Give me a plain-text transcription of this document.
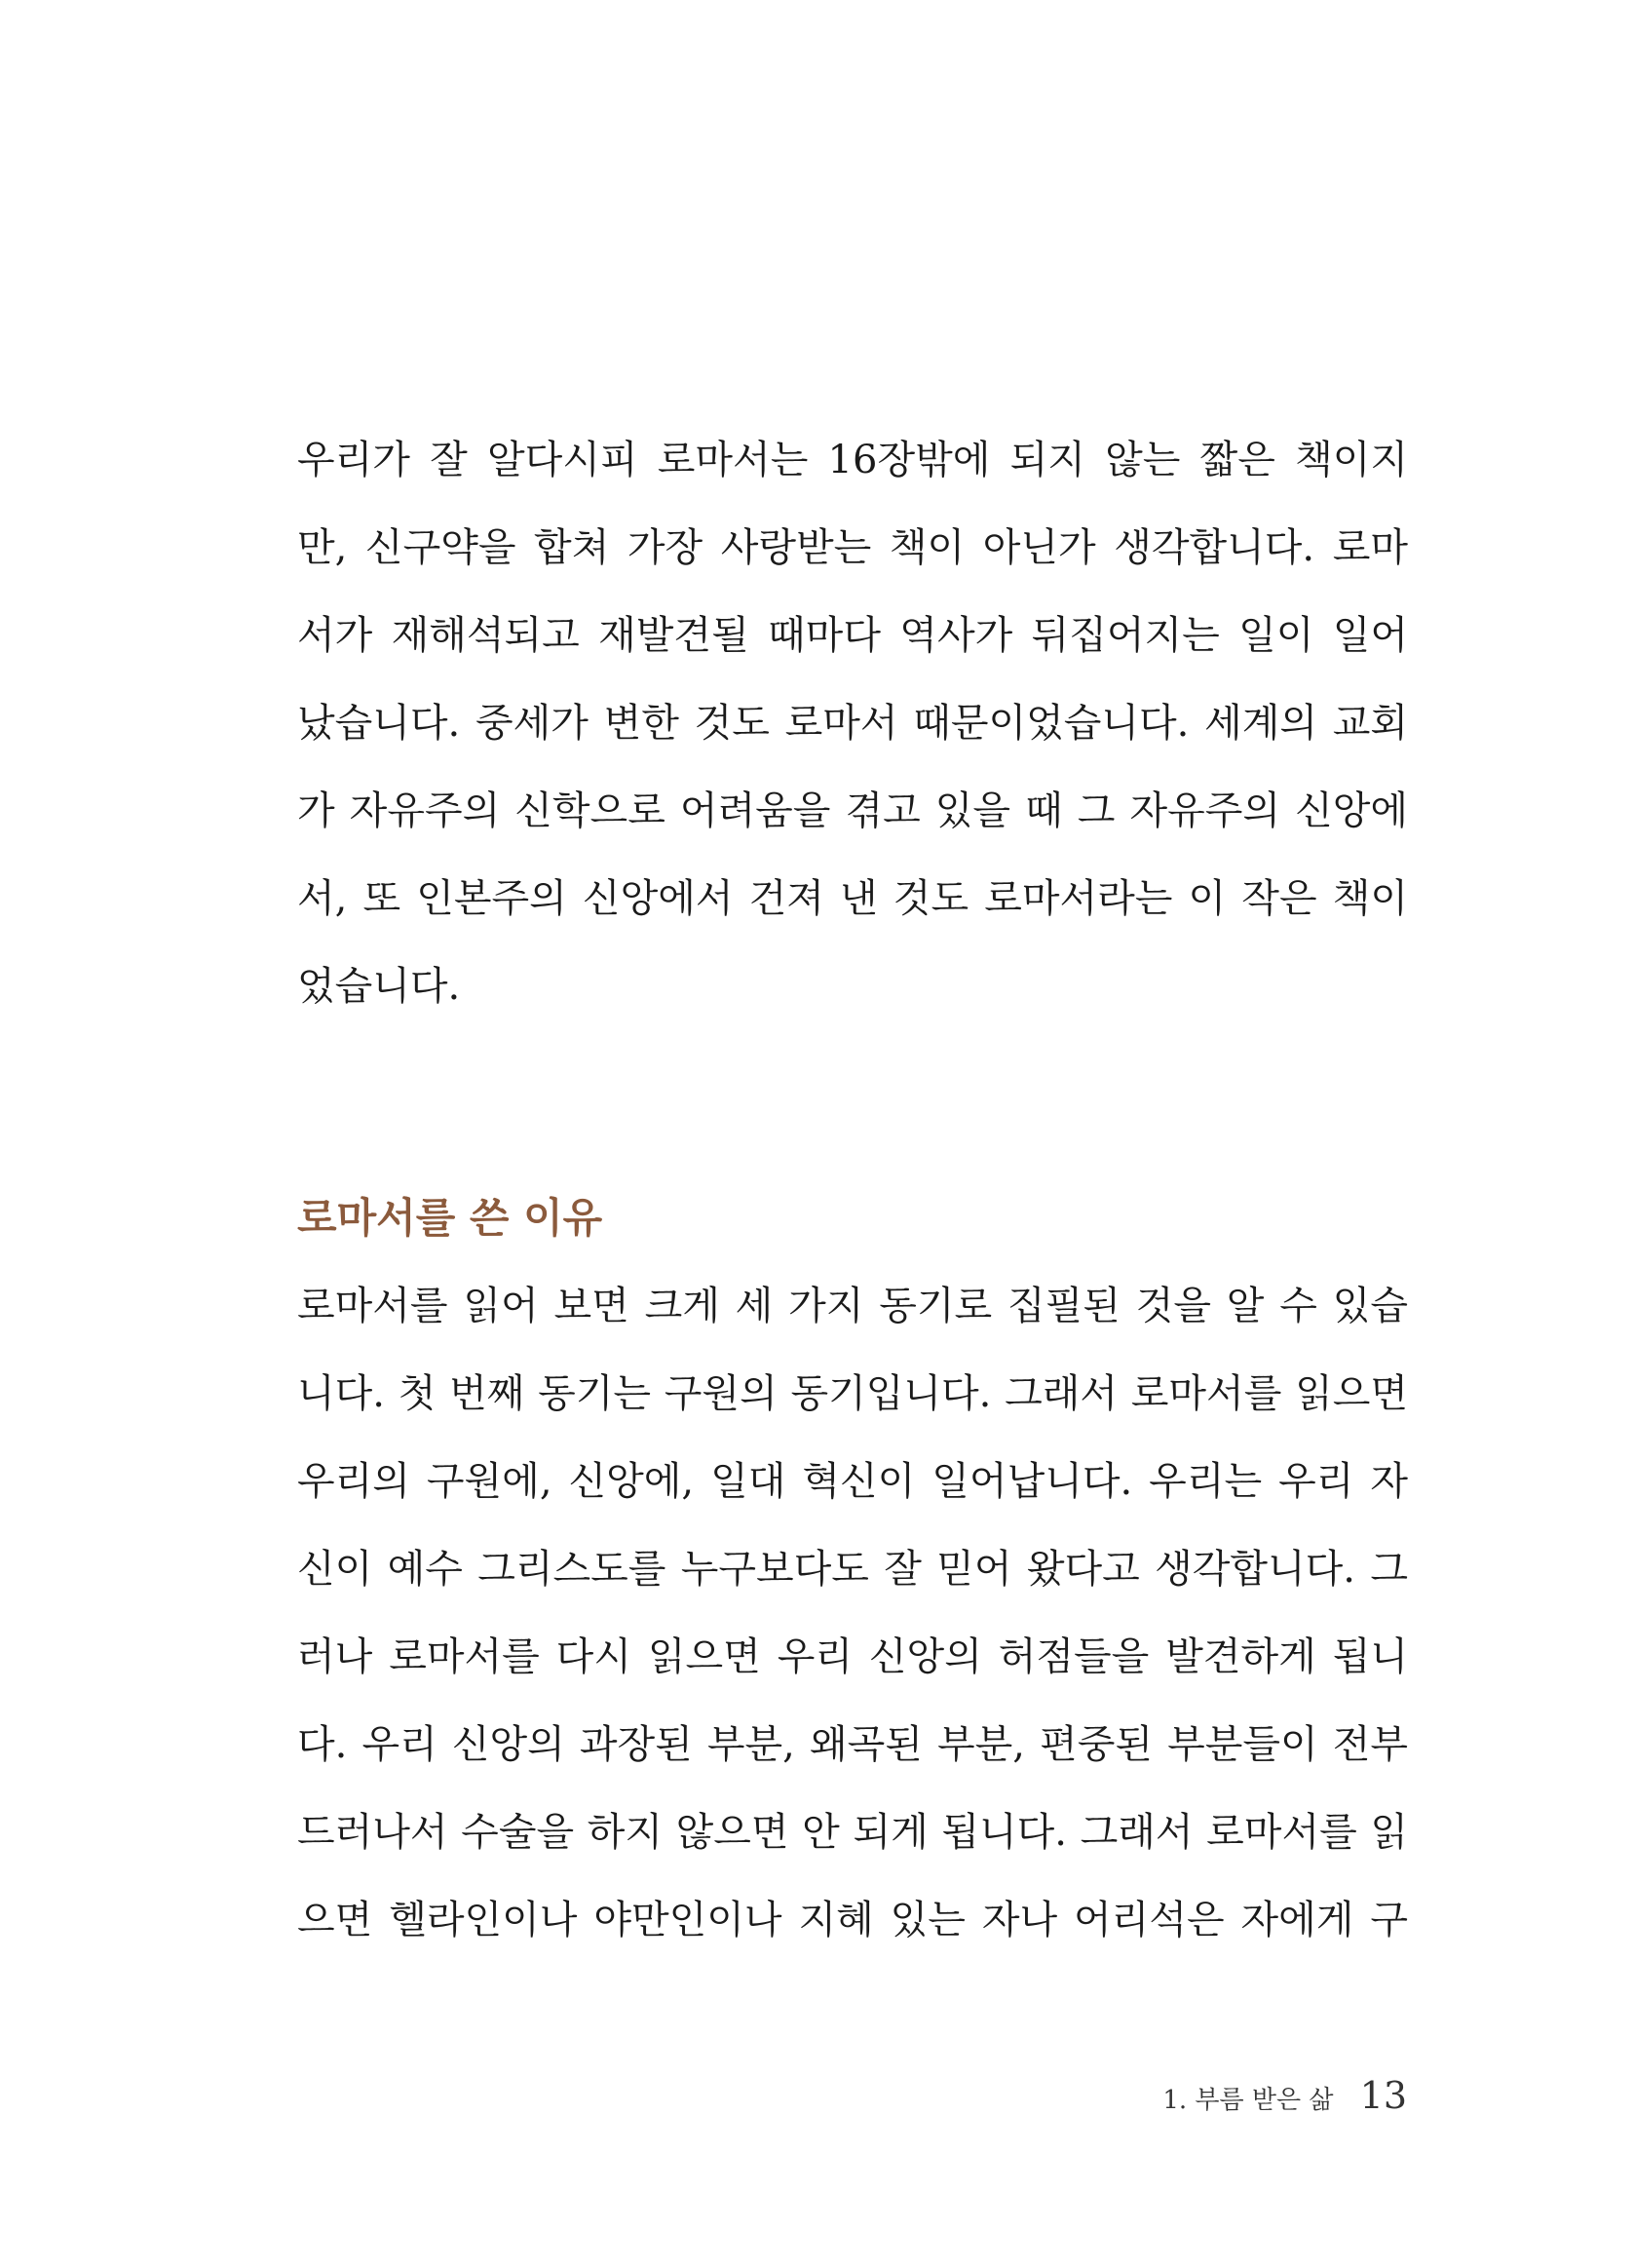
우리가 잘 알다시피 로마서는 16장밖에 되지 않는 짧은 책이지
만, 신구약을 합쳐 가장 사랑받는 책이 아닌가 생각합니다. 로마
서가 재해석되고 재발견될 때마다 역사가 뒤집어지는 일이 일어
났습니다. 중세가 변한 것도 로마서 때문이었습니다. 세계의 교회
가 자유주의 신학으로 어려움을 겪고 있을 때 그 자유주의 신앙에
서, 또 인본주의 신앙에서 건져 낸 것도 로마서라는 이 작은 책이
었습니다.
로마서를 쓴 이유
로마서를 읽어 보면 크게 세 가지 동기로 집필된 것을 알 수 있습
니다. 첫 번째 동기는 구원의 동기입니다. 그래서 로마서를 읽으면
우리의 구원에, 신앙에, 일대 혁신이 일어납니다. 우리는 우리 자
신이 예수 그리스도를 누구보다도 잘 믿어 왔다고 생각합니다. 그
러나 로마서를 다시 읽으면 우리 신앙의 허점들을 발견하게 됩니
다. 우리 신앙의 과장된 부분, 왜곡된 부분, 편중된 부분들이 전부
드러나서 수술을 하지 않으면 안 되게 됩니다. 그래서 로마서를 읽
으면 헬라인이나 야만인이나 지혜 있는 자나 어리석은 자에게 구
1. 부름 받은 삶 13
